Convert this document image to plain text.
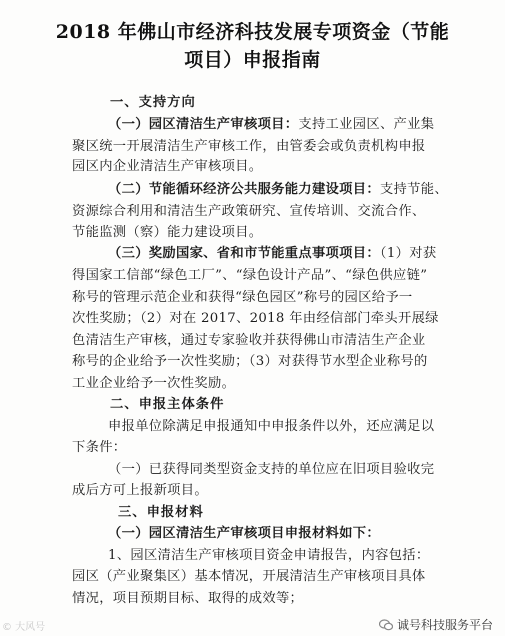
2018 年佛山市经济科技发展专项资金（节能
项目）申报指南
一、支持方向
（一）园区清洁生产审核项目：支持工业园区、产业集
聚区统一开展清洁生产审核工作，由管委会或负责机构申报
园区内企业清洁生产审核项目。
（二）节能循环经济公共服务能力建设项目：支持节能、
资源综合利用和清洁生产政策研究、宣传培训、交流合作、
节能监测（察）能力建设项目。
（三）奖励国家、省和市节能重点事项项目：（1）对获
得国家工信部“绿色工厂”、“绿色设计产品”、“绿色供应链”
称号的管理示范企业和获得“绿色园区”称号的园区给予一
次性奖励；（2）对在 2017、2018 年由经信部门牵头开展绿
色清洁生产审核，通过专家验收并获得佛山市清洁生产企业
称号的企业给予一次性奖励；（3）对获得节水型企业称号的
工业企业给予一次性奖励。
二、申报主体条件
申报单位除满足申报通知中申报条件以外，还应满足以
下条件：
（一）已获得同类型资金支持的单位应在旧项目验收完
成后方可上报新项目。
三、申报材料
（一）园区清洁生产审核项目申报材料如下：
1、园区清洁生产审核项目资金申请报告，内容包括：
园区（产业聚集区）基本情况，开展清洁生产审核项目具体
情况，项目预期目标、取得的成效等；
© 大风号	诚号科技服务平台
